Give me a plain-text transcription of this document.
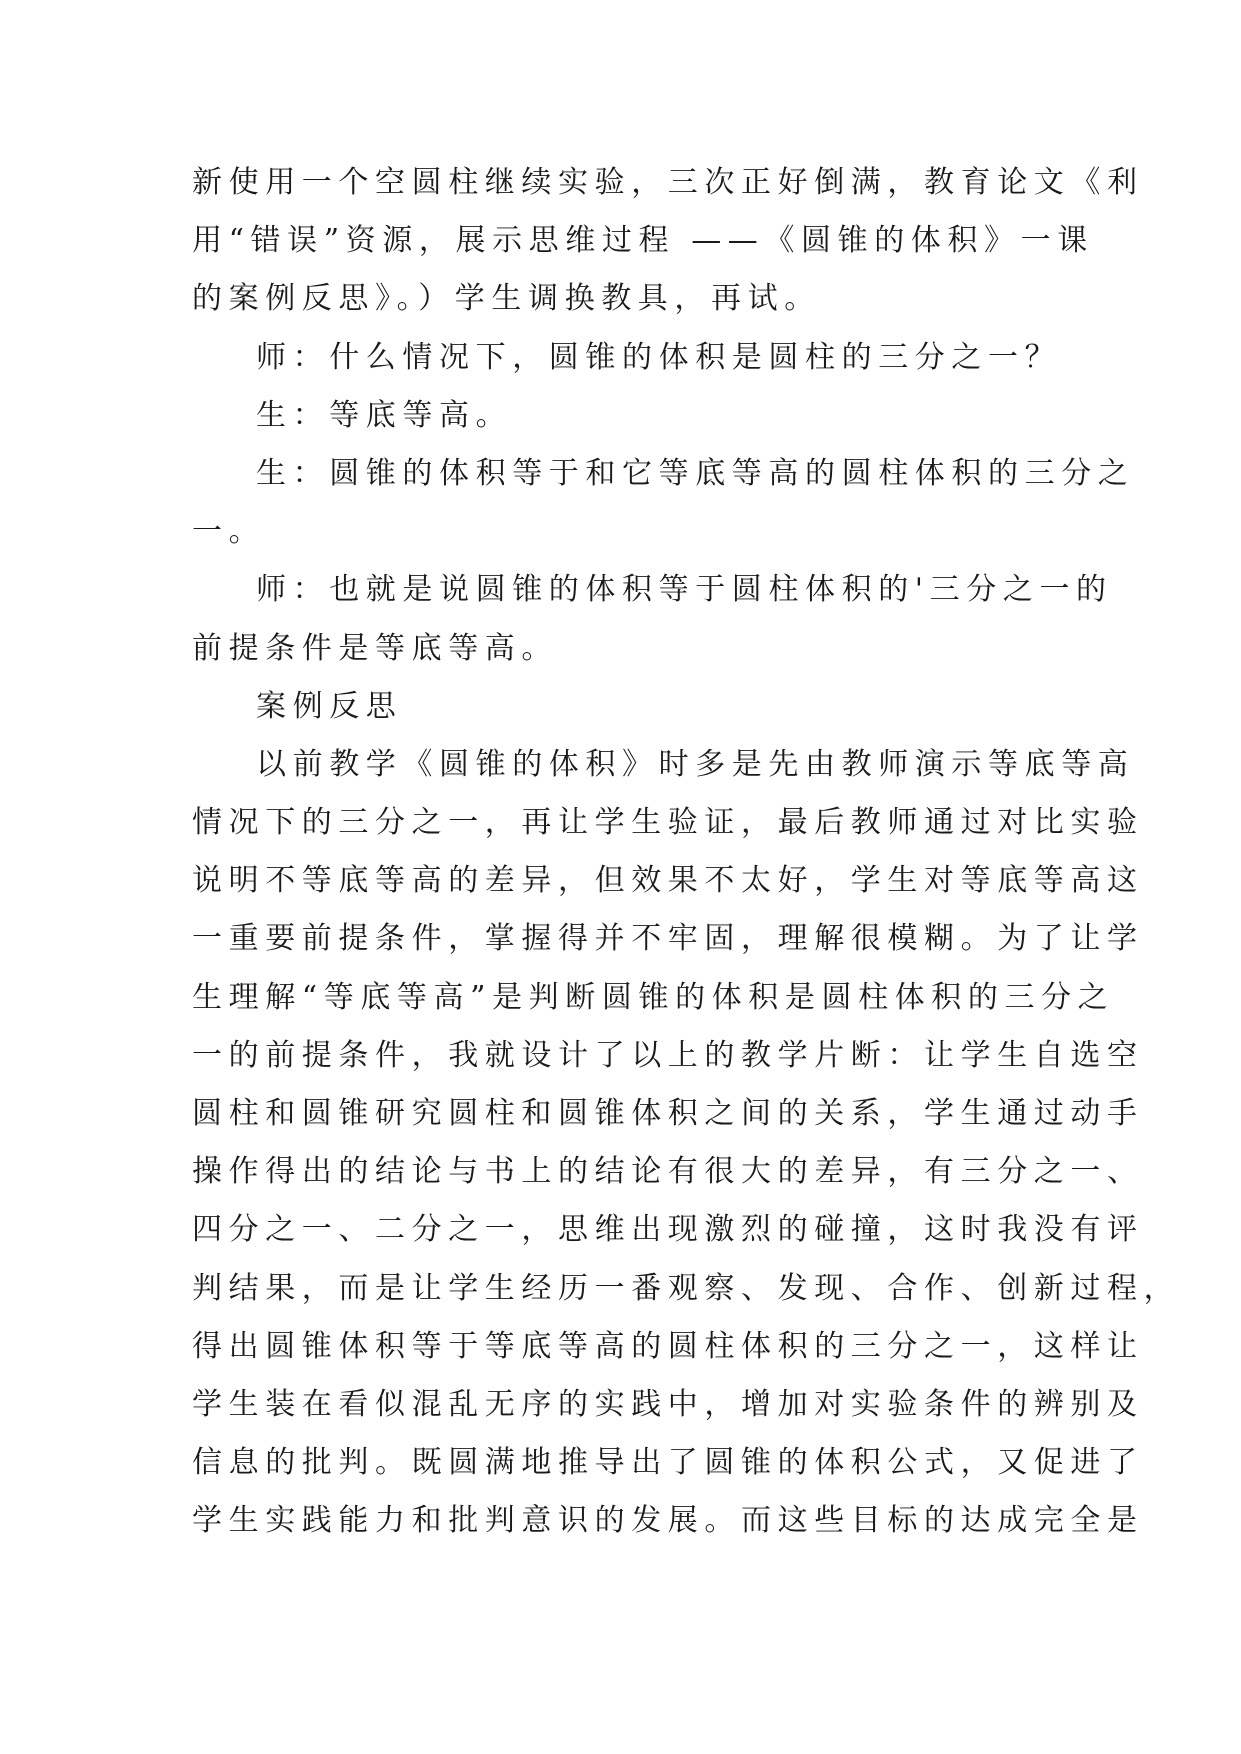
新使用一个空圆柱继续实验，三次正好倒满，教育论文《利
用“错误”资源，展示思维过程 ——《圆锥的体积》一课
的案例反思》。）学生调换教具，再试。
师：什么情况下，圆锥的体积是圆柱的三分之一？
生：等底等高。
生：圆锥的体积等于和它等底等高的圆柱体积的三分之
一。
师：也就是说圆锥的体积等于圆柱体积的'三分之一的
前提条件是等底等高。
案例反思
以前教学《圆锥的体积》时多是先由教师演示等底等高
情况下的三分之一，再让学生验证，最后教师通过对比实验
说明不等底等高的差异，但效果不太好，学生对等底等高这
一重要前提条件，掌握得并不牢固，理解很模糊。为了让学
生理解“等底等高”是判断圆锥的体积是圆柱体积的三分之
一的前提条件，我就设计了以上的教学片断：让学生自选空
圆柱和圆锥研究圆柱和圆锥体积之间的关系，学生通过动手
操作得出的结论与书上的结论有很大的差异，有三分之一、
四分之一、二分之一，思维出现激烈的碰撞，这时我没有评
判结果，而是让学生经历一番观察、发现、合作、创新过程，
得出圆锥体积等于等底等高的圆柱体积的三分之一，这样让
学生装在看似混乱无序的实践中，增加对实验条件的辨别及
信息的批判。既圆满地推导出了圆锥的体积公式，又促进了
学生实践能力和批判意识的发展。而这些目标的达成完全是
